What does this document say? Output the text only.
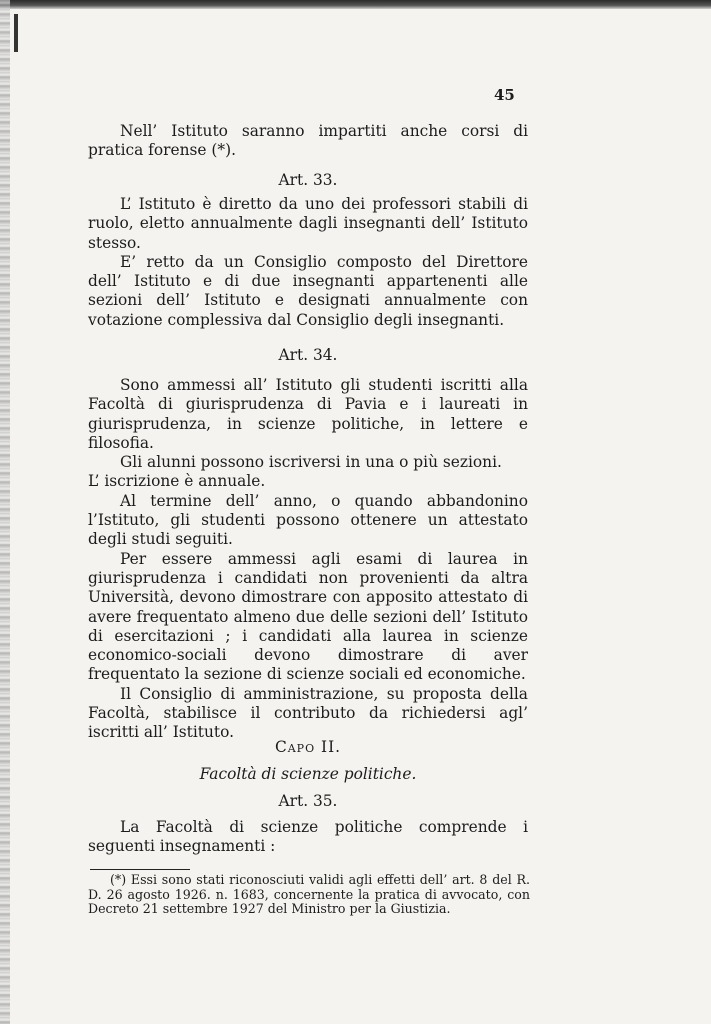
45

Nell’ Istituto saranno impartiti anche corsi di pratica forense (*).

Art. 33.

L’ Istituto è diretto da uno dei professori stabili di ruolo, eletto annualmente dagli insegnanti dell’ Istituto stesso.

E’ retto da un Consiglio composto del Direttore dell’ Istituto e di due insegnanti appartenenti alle sezioni dell’ Istituto e designati annualmente con votazione complessiva dal Consiglio degli insegnanti.

Art. 34.

Sono ammessi all’ Istituto gli studenti iscritti alla Facoltà di giurisprudenza di Pavia e i laureati in giurisprudenza, in scienze politiche, in lettere e filosofia.

Gli alunni possono iscriversi in una o più sezioni.

L’ iscrizione è annuale.

Al termine dell’ anno, o quando abbandonino l’Istituto, gli studenti possono ottenere un attestato degli studi seguiti.

Per essere ammessi agli esami di laurea in giurisprudenza i candidati non provenienti da altra Università, devono dimostrare con apposito attestato di avere frequentato almeno due delle sezioni dell’ Istituto di esercitazioni ; i candidati alla laurea in scienze economico-sociali devono dimostrare di aver frequentato la sezione di scienze sociali ed economiche.

Il Consiglio di amministrazione, su proposta della Facoltà, stabilisce il contributo da richiedersi agl’ iscritti all’ Istituto.

Capo II.
Facoltà di scienze politiche.
Art. 35.

La Facoltà di scienze politiche comprende i seguenti insegnamenti :

(*) Essi sono stati riconosciuti validi agli effetti dell’ art. 8 del R. D. 26 agosto 1926. n. 1683, concernente la pratica di avvocato, con Decreto 21 settembre 1927 del Ministro per la Giustizia.
